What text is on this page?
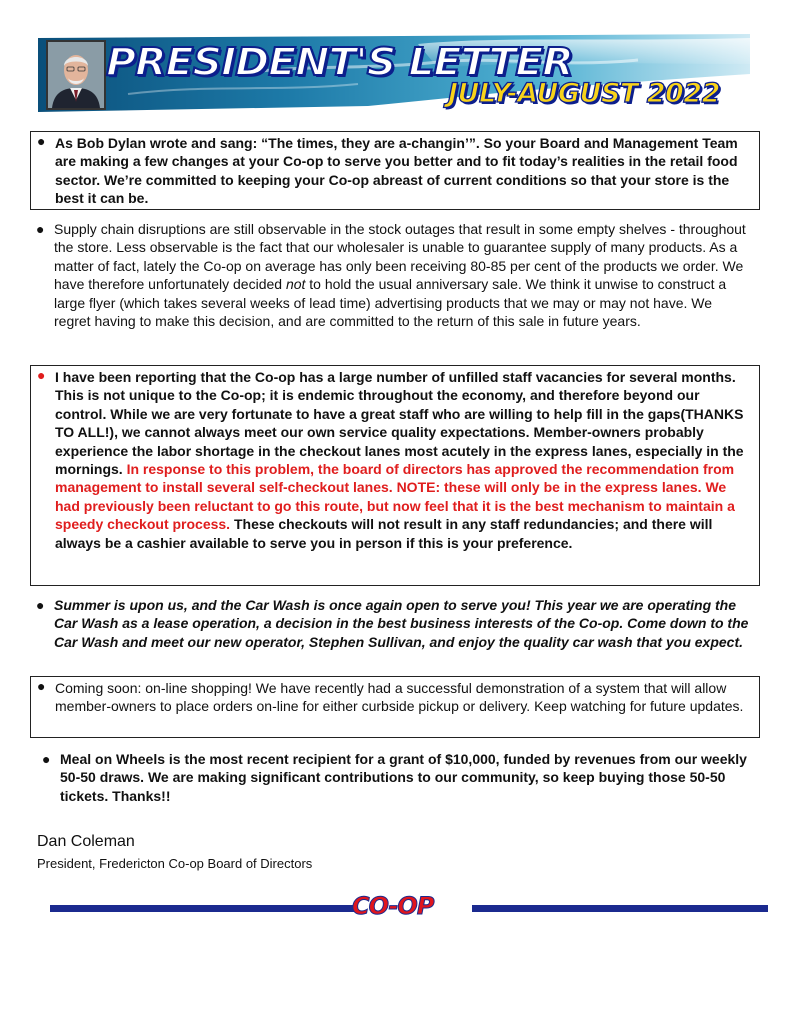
PRESIDENT'S LETTER
JULY-AUGUST 2022
● As Bob Dylan wrote and sang: “The times, they are a-changin’”. So your Board and Management Team are making a few changes at your Co-op to serve you better and to fit today’s realities in the retail food sector. We’re committed to keeping your Co-op abreast of current conditions so that your store is the best it can be.
● Supply chain disruptions are still observable in the stock outages that result in some empty shelves - throughout the store. Less observable is the fact that our wholesaler is unable to guarantee supply of many products. As a matter of fact, lately the Co-op on average has only been receiving 80-85 per cent of the products we order. We have therefore unfortunately decided not to hold the usual anniversary sale. We think it unwise to construct a large flyer (which takes several weeks of lead time) advertising products that we may or may not have. We regret having to make this decision, and are committed to the return of this sale in future years.
● I have been reporting that the Co-op has a large number of unfilled staff vacancies for several months. This is not unique to the Co-op; it is endemic throughout the economy, and therefore beyond our control. While we are very fortunate to have a great staff who are willing to help fill in the gaps(THANKS TO ALL!), we cannot always meet our own service quality expectations. Member-owners probably experience the labor shortage in the checkout lanes most acutely in the express lanes, especially in the mornings. In response to this problem, the board of directors has approved the recommendation from management to install several self-checkout lanes. NOTE: these will only be in the express lanes. We had previously been reluctant to go this route, but now feel that it is the best mechanism to maintain a speedy checkout process. These checkouts will not result in any staff redundancies; and there will always be a cashier available to serve you in person if this is your preference.
● Summer is upon us, and the Car Wash is once again open to serve you! This year we are operating the Car Wash as a lease operation, a decision in the best business interests of the Co-op. Come down to the Car Wash and meet our new operator, Stephen Sullivan, and enjoy the quality car wash that you expect.
● Coming soon: on-line shopping! We have recently had a successful demonstration of a system that will allow member-owners to place orders on-line for either curbside pickup or delivery. Keep watching for future updates.
● Meal on Wheels is the most recent recipient for a grant of $10,000, funded by revenues from our weekly 50-50 draws. We are making significant contributions to our community, so keep buying those 50-50 tickets. Thanks!!
Dan Coleman
President, Fredericton Co-op Board of Directors
CO-OP
